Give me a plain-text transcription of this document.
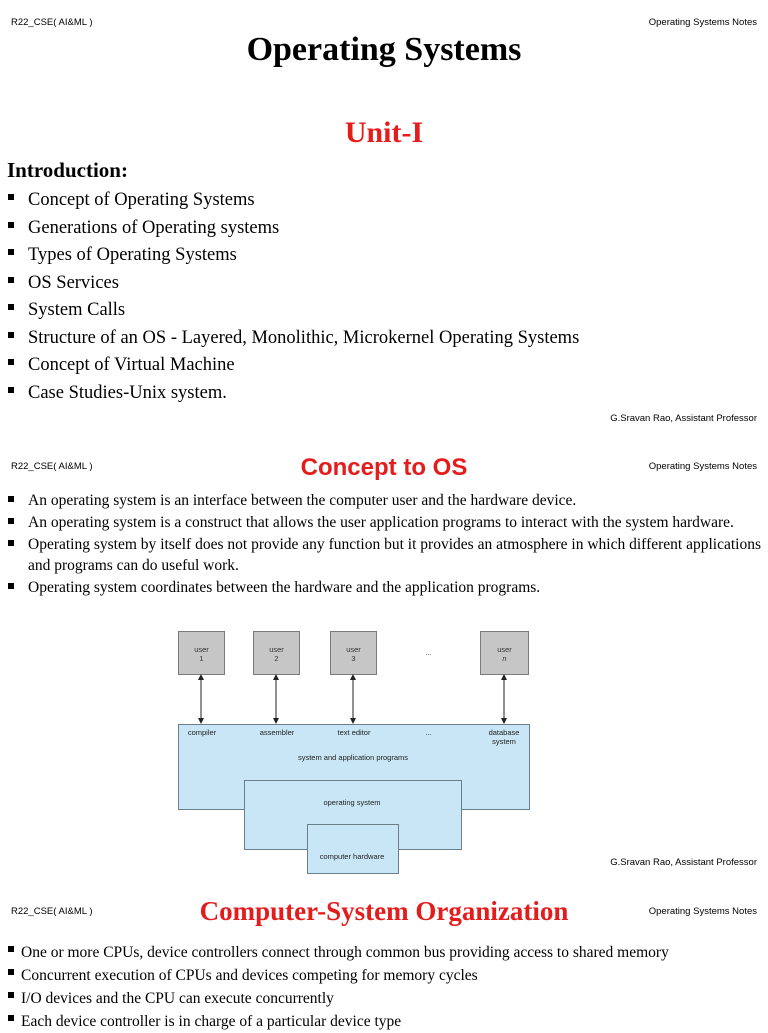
R22_CSE( AI&ML )	Operating Systems Notes
Operating Systems
Unit-I
Introduction:
Concept of Operating Systems
Generations of Operating systems
Types of Operating Systems
OS Services
System Calls
Structure of an OS - Layered, Monolithic, Microkernel Operating Systems
Concept of Virtual Machine
Case Studies-Unix system.
G.Sravan Rao, Assistant Professor
R22_CSE( AI&ML )	Operating Systems Notes
Concept to OS
An operating system is an interface between the computer user and the hardware device.
An operating system is a construct that allows the user application programs to interact with the system hardware.
Operating system by itself does not provide any function but it provides an atmosphere in which different applications and programs can do useful work.
Operating system coordinates between the hardware and the application programs.
user
1
user
2
user
3
...	user
n
compiler	assembler	text editor	...	database system
system and application programs
operating system
computer hardware
G.Sravan Rao, Assistant Professor
R22_CSE( AI&ML )	Operating Systems Notes
Computer-System Organization
One or more CPUs, device controllers connect through common bus providing access to shared memory
Concurrent execution of CPUs and devices competing for memory cycles
I/O devices and the CPU can execute concurrently
Each device controller is in charge of a particular device type
